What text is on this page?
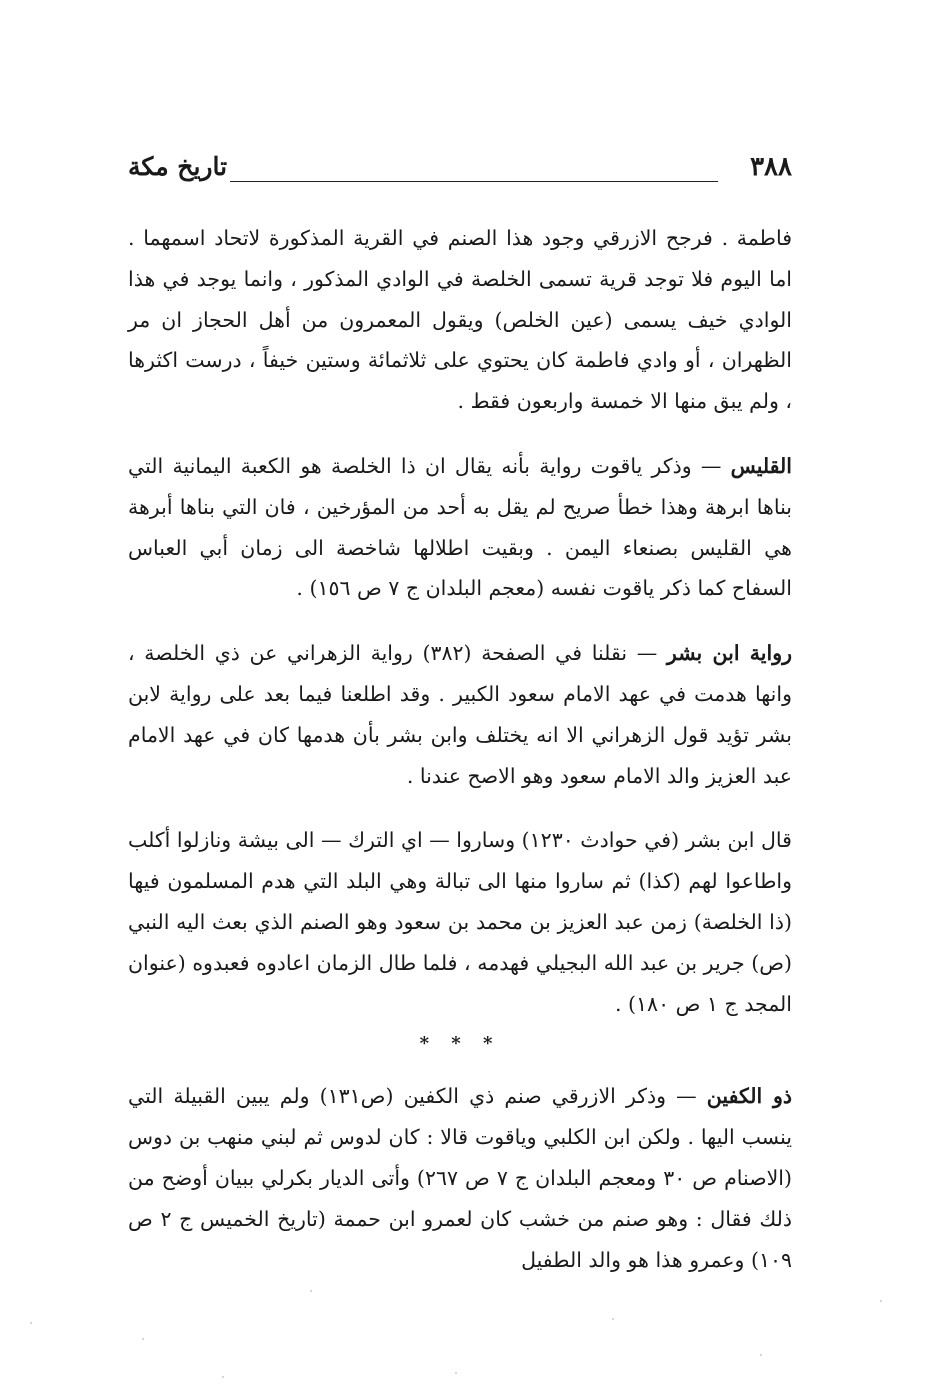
٣٨٨
تاريخ مكة

فاطمة . فرجح الازرقي وجود هذا الصنم في القرية المذكورة لاتحاد اسمهما . اما اليوم فلا توجد قرية تسمى الخلصة في الوادي المذكور ، وانما يوجد في هذا الوادي خيف يسمى (عين الخلص) ويقول المعمرون من أهل الحجاز ان مر الظهران ، أو وادي فاطمة كان يحتوي على ثلاثمائة وستين خيفاً ، درست اكثرها ، ولم يبق منها الا خمسة واربعون فقط .

القليس — وذكر ياقوت رواية بأنه يقال ان ذا الخلصة هو الكعبة اليمانية التي بناها ابرهة وهذا خطأ صريح لم يقل به أحد من المؤرخين ، فان التي بناها أبرهة هي القليس بصنعاء اليمن . وبقيت اطلالها شاخصة الى زمان أبي العباس السفاح كما ذكر ياقوت نفسه (معجم البلدان ج ٧ ص ١٥٦) .

رواية ابن بشر — نقلنا في الصفحة (٣٨٢) رواية الزهراني عن ذي الخلصة ، وانها هدمت في عهد الامام سعود الكبير . وقد اطلعنا فيما بعد على رواية لابن بشر تؤيد قول الزهراني الا انه يختلف وابن بشر بأن هدمها كان في عهد الامام عبد العزيز والد الامام سعود وهو الاصح عندنا .

قال ابن بشر (في حوادث ١٢٣٠) وساروا — اي الترك — الى بيشة ونازلوا أكلب واطاعوا لهم (كذا) ثم ساروا منها الى تبالة وهي البلد التي هدم المسلمون فيها (ذا الخلصة) زمن عبد العزيز بن محمد بن سعود وهو الصنم الذي بعث اليه النبي (ص) جرير بن عبد الله البجيلي فهدمه ، فلما طال الزمان اعادوه فعبدوه (عنوان المجد ج ١ ص ١٨٠) .

* * *

ذو الكفين — وذكر الازرقي صنم ذي الكفين (ص١٣١) ولم يبين القبيلة التي ينسب اليها . ولكن ابن الكلبي وياقوت قالا : كان لدوس ثم لبني منهب بن دوس (الاصنام ص ٣٠ ومعجم البلدان ج ٧ ص ٢٦٧) وأتى الديار بكرلي ببيان أوضح من ذلك فقال : وهو صنم من خشب كان لعمرو ابن حممة (تاريخ الخميس ج ٢ ص ١٠٩) وعمرو هذا هو والد الطفيل
